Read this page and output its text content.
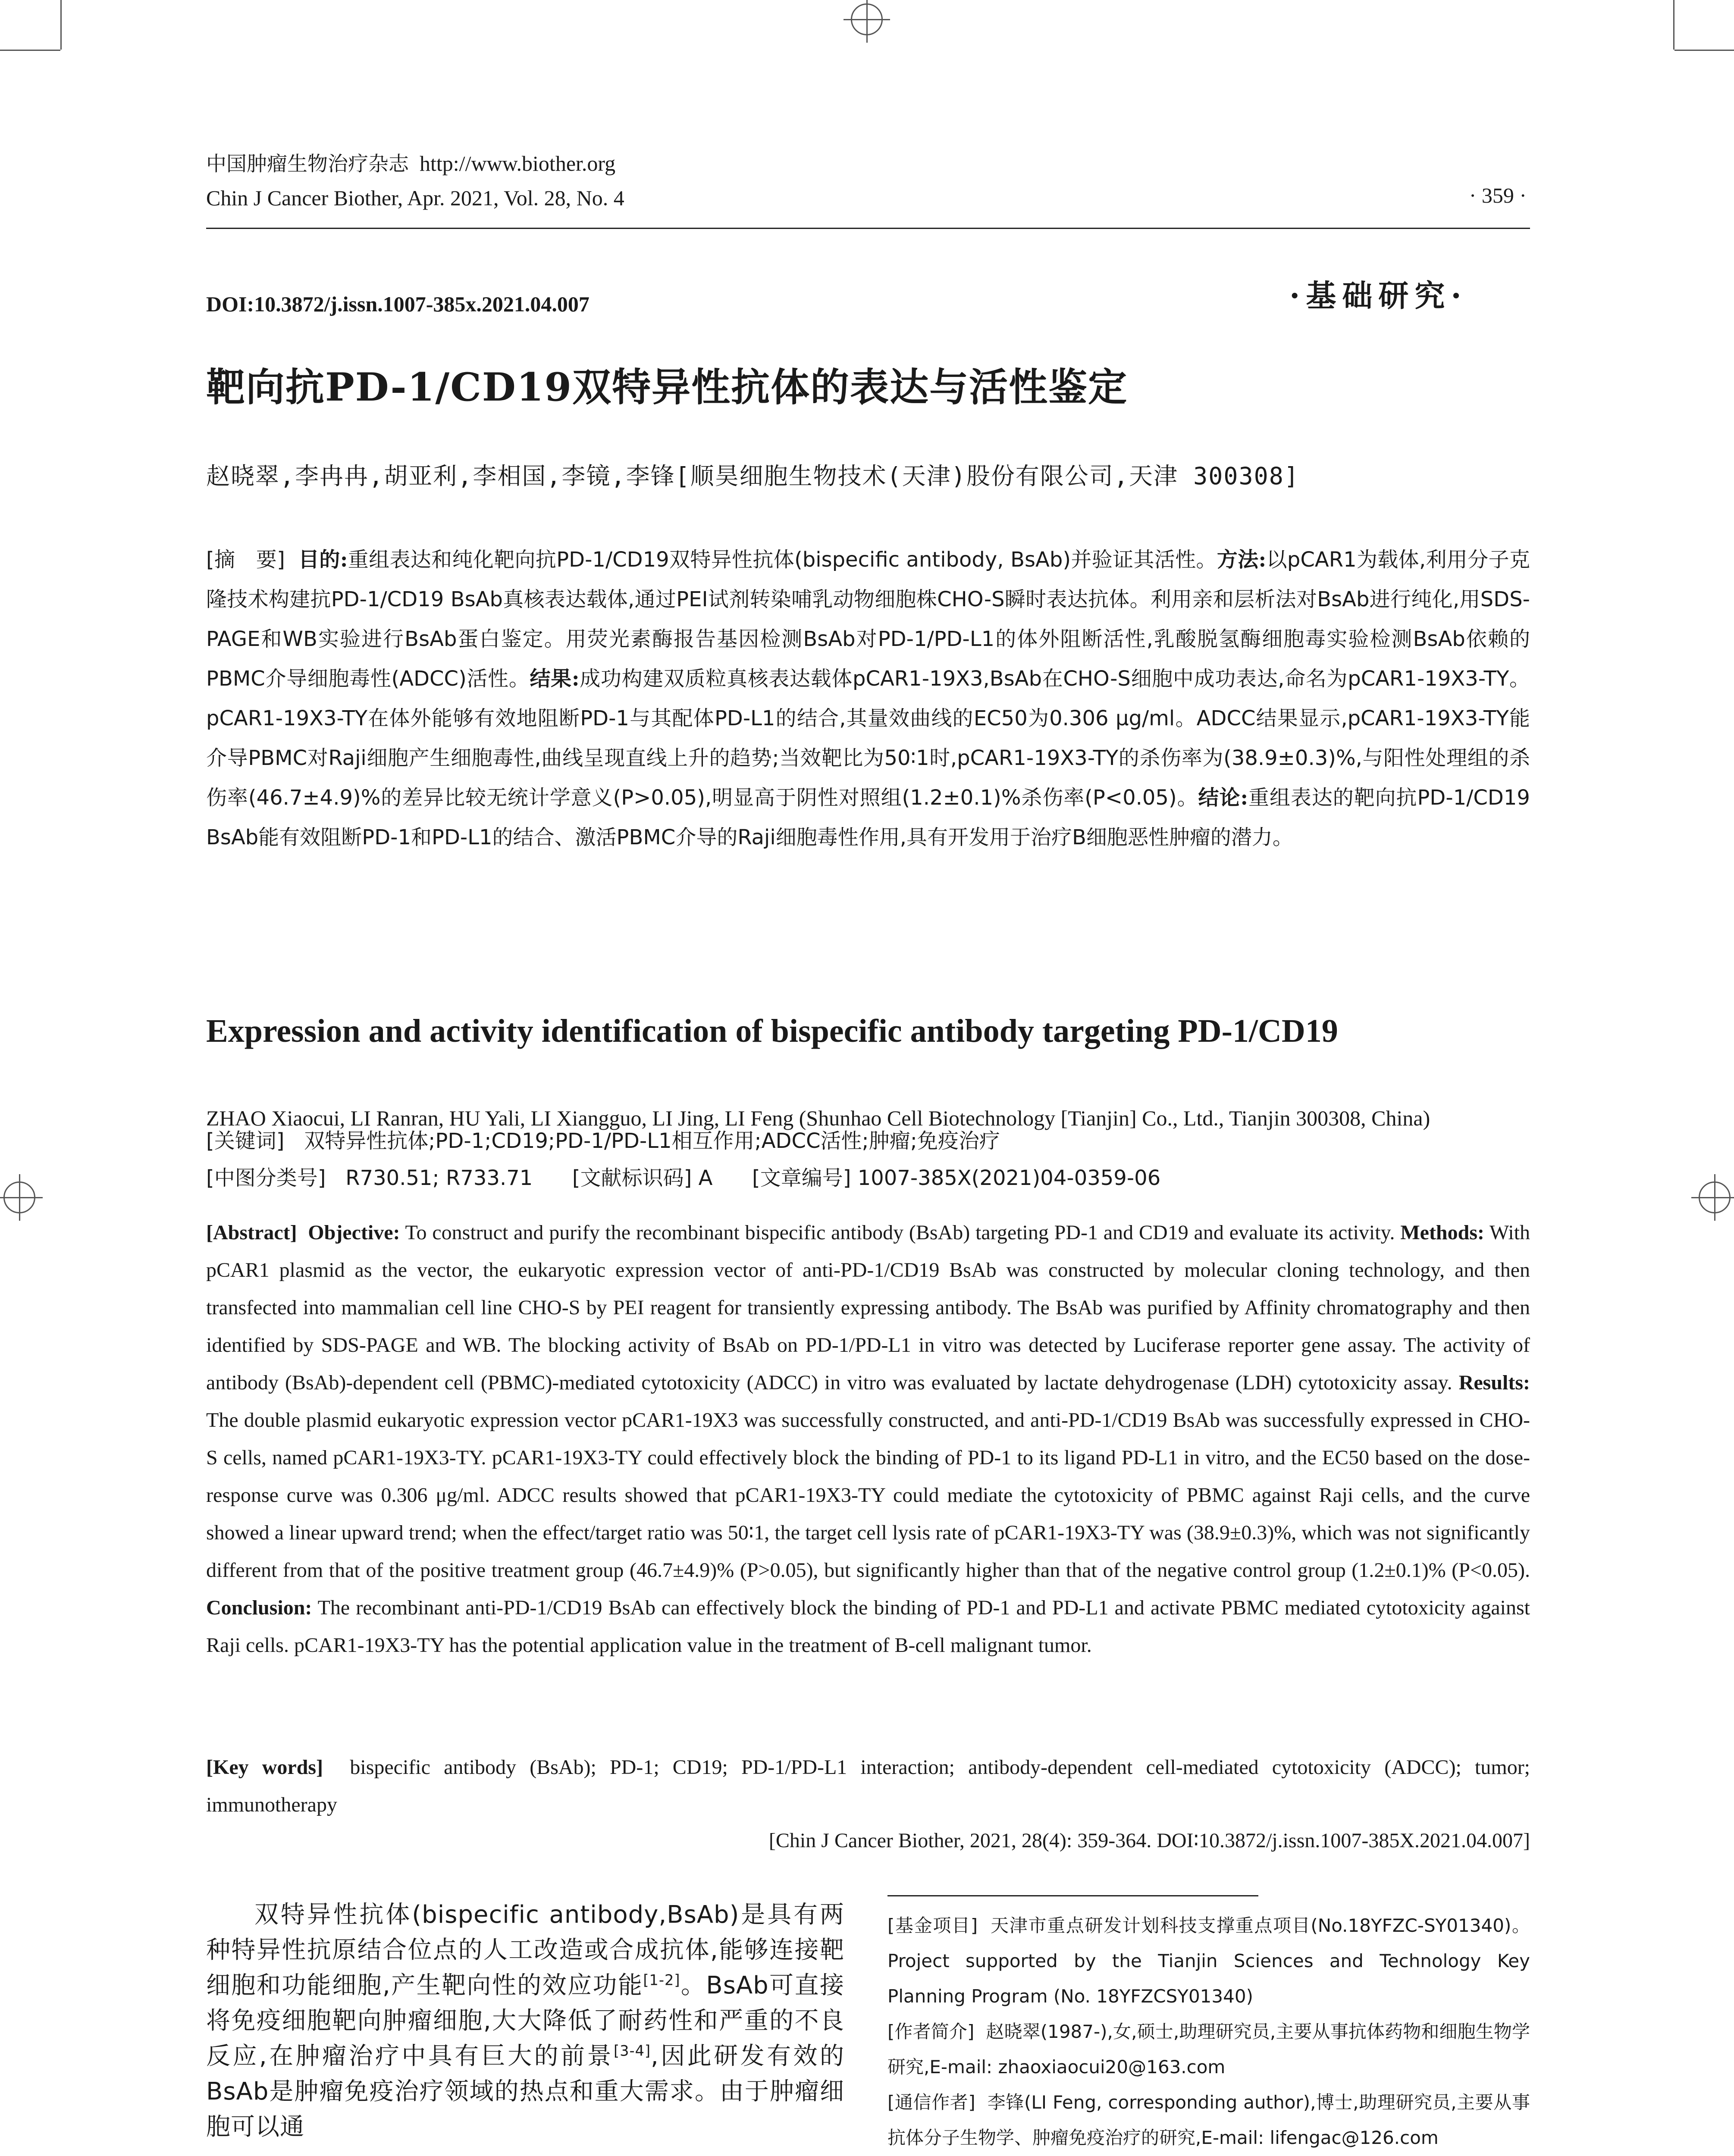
中国肿瘤生物治疗杂志 http://www.biother.org
Chin J Cancer Biother, Apr. 2021, Vol. 28, No. 4	· 359 ·
DOI:10.3872/j.issn.1007-385x.2021.04.007	·基础研究·
靶向抗PD-1/CD19双特异性抗体的表达与活性鉴定
赵晓翠,李冉冉,胡亚利,李相国,李镜,李锋[顺昊细胞生物技术(天津)股份有限公司,天津 300308]
[摘　要] 目的:重组表达和纯化靶向抗PD-1/CD19双特异性抗体(bispecific antibody, BsAb)并验证其活性。方法:以pCAR1为载体,利用分子克隆技术构建抗PD-1/CD19 BsAb真核表达载体,通过PEI试剂转染哺乳动物细胞株CHO-S瞬时表达抗体。利用亲和层析法对BsAb进行纯化,用SDS-PAGE和WB实验进行BsAb蛋白鉴定。用荧光素酶报告基因检测BsAb对PD-1/PD-L1的体外阻断活性,乳酸脱氢酶细胞毒实验检测BsAb依赖的PBMC介导细胞毒性(ADCC)活性。结果:成功构建双质粒真核表达载体pCAR1-19X3,BsAb在CHO-S细胞中成功表达,命名为pCAR1-19X3-TY。pCAR1-19X3-TY在体外能够有效地阻断PD-1与其配体PD-L1的结合,其量效曲线的EC50为0.306 μg/ml。ADCC结果显示,pCAR1-19X3-TY能介导PBMC对Raji细胞产生细胞毒性,曲线呈现直线上升的趋势;当效靶比为50∶1时,pCAR1-19X3-TY的杀伤率为(38.9±0.3)%,与阳性处理组的杀伤率(46.7±4.9)%的差异比较无统计学意义(P>0.05),明显高于阴性对照组(1.2±0.1)%杀伤率(P<0.05)。结论:重组表达的靶向抗PD-1/CD19 BsAb能有效阻断PD-1和PD-L1的结合、激活PBMC介导的Raji细胞毒性作用,具有开发用于治疗B细胞恶性肿瘤的潜力。
[关键词] 双特异性抗体;PD-1;CD19;PD-1/PD-L1相互作用;ADCC活性;肿瘤;免疫治疗
[中图分类号] R730.51; R733.71 [文献标识码] A [文章编号] 1007-385X(2021)04-0359-06
Expression and activity identification of bispecific antibody targeting PD-1/CD19
ZHAO Xiaocui, LI Ranran, HU Yali, LI Xiangguo, LI Jing, LI Feng (Shunhao Cell Biotechnology [Tianjin] Co., Ltd., Tianjin 300308, China)
[Abstract] Objective: To construct and purify the recombinant bispecific antibody (BsAb) targeting PD-1 and CD19 and evaluate its activity. Methods: With pCAR1 plasmid as the vector, the eukaryotic expression vector of anti-PD-1/CD19 BsAb was constructed by molecular cloning technology, and then transfected into mammalian cell line CHO-S by PEI reagent for transiently expressing antibody. The BsAb was purified by Affinity chromatography and then identified by SDS-PAGE and WB. The blocking activity of BsAb on PD-1/PD-L1 in vitro was detected by Luciferase reporter gene assay. The activity of antibody (BsAb)-dependent cell (PBMC)-mediated cytotoxicity (ADCC) in vitro was evaluated by lactate dehydrogenase (LDH) cytotoxicity assay. Results: The double plasmid eukaryotic expression vector pCAR1-19X3 was successfully constructed, and anti-PD-1/CD19 BsAb was successfully expressed in CHO-S cells, named pCAR1-19X3-TY. pCAR1-19X3-TY could effectively block the binding of PD-1 to its ligand PD-L1 in vitro, and the EC50 based on the dose-response curve was 0.306 μg/ml. ADCC results showed that pCAR1-19X3-TY could mediate the cytotoxicity of PBMC against Raji cells, and the curve showed a linear upward trend; when the effect/target ratio was 50∶1, the target cell lysis rate of pCAR1-19X3-TY was (38.9±0.3)%, which was not significantly different from that of the positive treatment group (46.7±4.9)% (P>0.05), but significantly higher than that of the negative control group (1.2±0.1)% (P<0.05). Conclusion: The recombinant anti-PD-1/CD19 BsAb can effectively block the binding of PD-1 and PD-L1 and activate PBMC mediated cytotoxicity against Raji cells. pCAR1-19X3-TY has the potential application value in the treatment of B-cell malignant tumor.
[Key words] bispecific antibody (BsAb); PD-1; CD19; PD-1/PD-L1 interaction; antibody-dependent cell-mediated cytotoxicity (ADCC); tumor; immunotherapy
[Chin J Cancer Biother, 2021, 28(4): 359-364. DOI∶10.3872/j.issn.1007-385X.2021.04.007]
双特异性抗体(bispecific antibody,BsAb)是具有两种特异性抗原结合位点的人工改造或合成抗体,能够连接靶细胞和功能细胞,产生靶向性的效应功能[1-2]。BsAb可直接将免疫细胞靶向肿瘤细胞,大大降低了耐药性和严重的不良反应,在肿瘤治疗中具有巨大的前景[3-4],因此研发有效的BsAb是肿瘤免疫治疗领域的热点和重大需求。由于肿瘤细胞可以通
[基金项目] 天津市重点研发计划科技支撑重点项目(No.18YFZC-SY01340)。Project supported by the Tianjin Sciences and Technology Key Planning Program (No. 18YFZCSY01340)
[作者简介] 赵晓翠(1987-),女,硕士,助理研究员,主要从事抗体药物和细胞生物学研究,E-mail: zhaoxiaocui20@163.com
[通信作者] 李锋(LI Feng, corresponding author),博士,助理研究员,主要从事抗体分子生物学、肿瘤免疫治疗的研究,E-mail: lifengac@126.com
